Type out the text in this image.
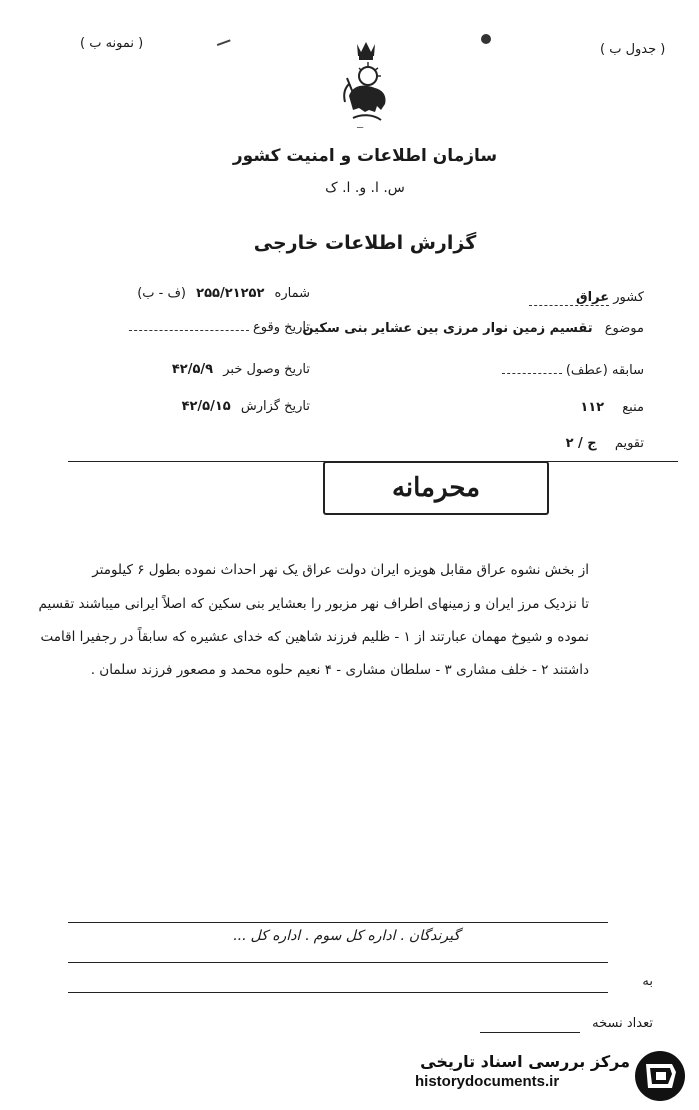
( نمونه ب )	( جدول ب )
ـــ
سازمان اطلاعات و امنیت کشور
س. ا. و. ا. ک
گزارش اطلاعات خارجی
کشور عراق
موضوع تقسیم زمین نوار مرزی بین عشایر بنی سکین
سابقه (عطف)
منبع ۱۱۲
تقویم ج / ۲
شماره ۲۵۵/۲۱۲۵۲ (ف - ب)
تاریخ وقوع
تاریخ وصول خبر ۴۲/۵/۹
تاریخ گزارش ۴۲/۵/۱۵
محرمانه
از بخش نشوه عراق مقابل هویزه ایران دولت عراق یک نهر احداث نموده بطول ۶ کیلومتر
تا نزدیک مرز ایران و زمینهای اطراف نهر مزبور را بعشایر بنی سکین که اصلاً ایرانی میباشند تقسیم
نموده و شیوخ مهمان عبارتند از ۱ - ظلیم فرزند شاهین که خدای عشیره که سابقاً در رجفیرا اقامت
داشتند ۲ - خلف مشاری ۳ - سلطان مشاری - ۴ نعیم حلوه محمد و مصعور فرزند سلمان .
گیرندگان . اداره کل سوم . اداره کل ...
به
تعداد نسخه
مرکز بررسی اسناد تاریخی
historydocuments.ir
